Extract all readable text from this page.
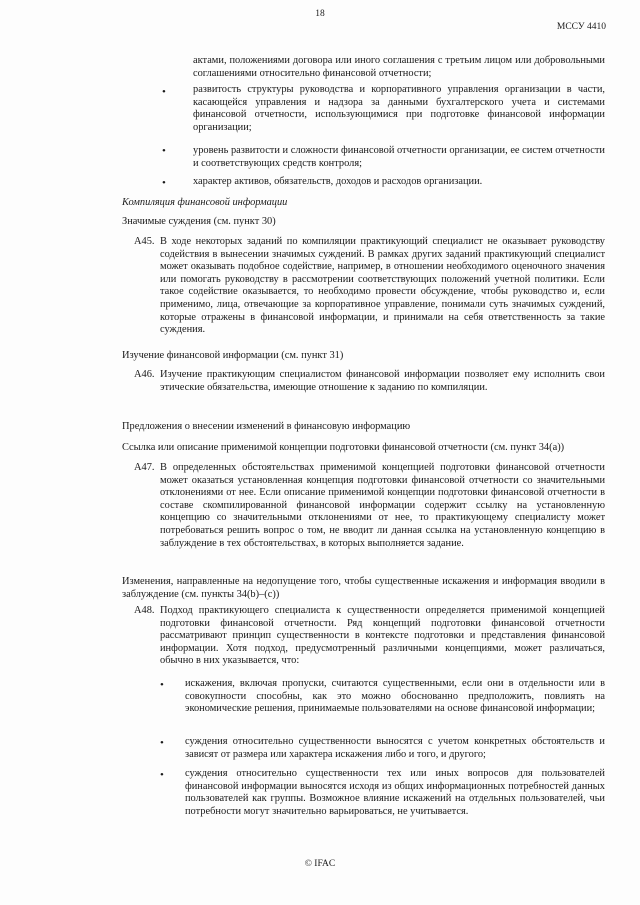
18
МССУ 4410
актами, положениями договора или иного соглашения с третьим лицом или добровольными соглашениями относительно финансовой отчетности;
•	развитость структуры руководства и корпоративного управления организации в части, касающейся управления и надзора за данными бухгалтерского учета и системами финансовой отчетности, использующимися при подготовке финансовой информации организации;
•	уровень развитости и сложности финансовой отчетности организации, ее систем отчетности и соответствующих средств контроля;
•	характер активов, обязательств, доходов и расходов организации.
Компиляция финансовой информации
Значимые суждения (см. пункт 30)
A45. В ходе некоторых заданий по компиляции практикующий специалист не оказывает руководству содействия в вынесении значимых суждений. В рамках других заданий практикующий специалист может оказывать подобное содействие, например, в отношении необходимого оценочного значения или помогать руководству в рассмотрении соответствующих положений учетной политики. Если такое содействие оказывается, то необходимо провести обсуждение, чтобы руководство и, если применимо, лица, отвечающие за корпоративное управление, понимали суть значимых суждений, которые отражены в финансовой информации, и принимали на себя ответственность за такие суждения.
Изучение финансовой информации (см. пункт 31)
A46. Изучение практикующим специалистом финансовой информации позволяет ему исполнить свои этические обязательства, имеющие отношение к заданию по компиляции.
Предложения о внесении изменений в финансовую информацию
Ссылка или описание применимой концепции подготовки финансовой отчетности (см. пункт 34(a))
A47. В определенных обстоятельствах применимой концепцией подготовки финансовой отчетности может оказаться установленная концепция подготовки финансовой отчетности со значительными отклонениями от нее. Если описание применимой концепции подготовки финансовой отчетности в составе скомпилированной финансовой информации содержит ссылку на установленную концепцию со значительными отклонениями от нее, то практикующему специалисту может потребоваться решить вопрос о том, не вводит ли данная ссылка на установленную концепцию в заблуждение в тех обстоятельствах, в которых выполняется задание.
Изменения, направленные на недопущение того, чтобы существенные искажения и информация вводили в заблуждение (см. пункты 34(b)–(c))
A48. Подход практикующего специалиста к существенности определяется применимой концепцией подготовки финансовой отчетности. Ряд концепций подготовки финансовой отчетности рассматривают принцип существенности в контексте подготовки и представления финансовой информации. Хотя подход, предусмотренный различными концепциями, может различаться, обычно в них указывается, что:
• искажения, включая пропуски, считаются существенными, если они в отдельности или в совокупности способны, как это можно обоснованно предположить, повлиять на экономические решения, принимаемые пользователями на основе финансовой информации;
• суждения относительно существенности выносятся с учетом конкретных обстоятельств и зависят от размера или характера искажения либо и того, и другого;
• суждения относительно существенности тех или иных вопросов для пользователей финансовой информации выносятся исходя из общих информационных потребностей данных пользователей как группы. Возможное влияние искажений на отдельных пользователей, чьи потребности могут значительно варьироваться, не учитывается.
© IFAC
